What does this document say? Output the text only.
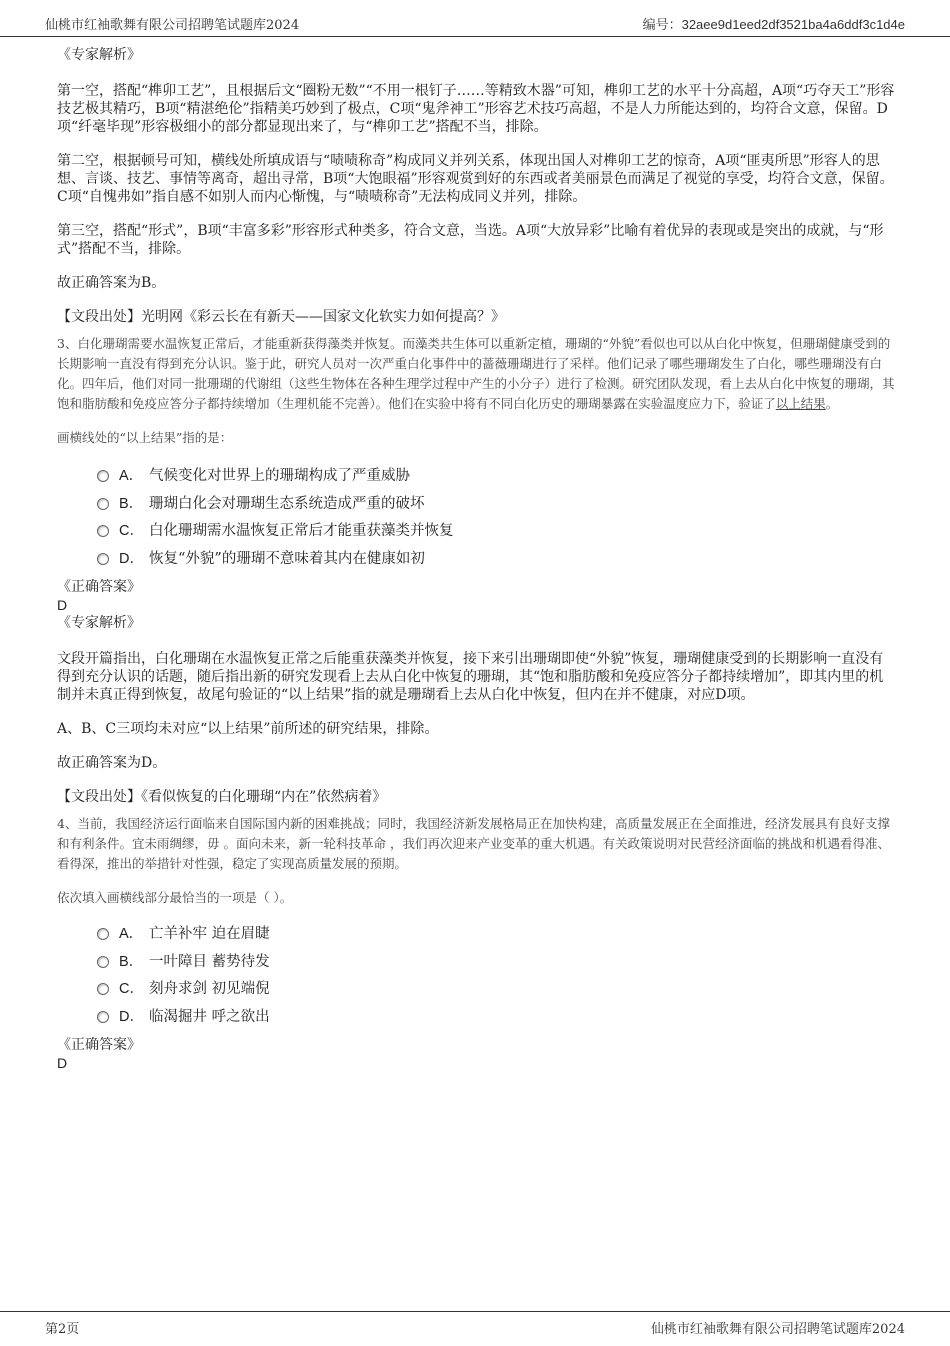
仙桃市红袖歌舞有限公司招聘笔试题库2024	编号：32aee9d1eed2df3521ba4a6ddf3c1d4e

《专家解析》

第一空，搭配“榫卯工艺”，且根据后文“圈粉无数”“不用一根钉子……等精致木器”可知，榫卯工艺的水平十分高超，A项“巧夺天工”形容技艺极其精巧，B项“精湛绝伦”指精美巧妙到了极点，C项“鬼斧神工”形容艺术技巧高超，不是人力所能达到的，均符合文意，保留。D项“纤毫毕现”形容极细小的部分都显现出来了，与“榫卯工艺”搭配不当，排除。

第二空，根据顿号可知，横线处所填成语与“啧啧称奇”构成同义并列关系，体现出国人对榫卯工艺的惊奇，A项“匪夷所思”形容人的思想、言谈、技艺、事情等离奇，超出寻常，B项“大饱眼福”形容观赏到好的东西或者美丽景色而满足了视觉的享受，均符合文意，保留。C项“自愧弗如”指自感不如别人而内心惭愧，与“啧啧称奇”无法构成同义并列，排除。

第三空，搭配“形式”，B项“丰富多彩”形容形式种类多，符合文意，当选。A项“大放异彩”比喻有着优异的表现或是突出的成就，与“形式”搭配不当，排除。

故正确答案为B。

【文段出处】光明网《彩云长在有新天——国家文化软实力如何提高？》

3、白化珊瑚需要水温恢复正常后，才能重新获得藻类并恢复。而藻类共生体可以重新定植，珊瑚的“外貌”看似也可以从白化中恢复，但珊瑚健康受到的长期影响一直没有得到充分认识。鉴于此，研究人员对一次严重白化事件中的蔷薇珊瑚进行了采样。他们记录了哪些珊瑚发生了白化，哪些珊瑚没有白化。四年后，他们对同一批珊瑚的代谢组（这些生物体在各种生理学过程中产生的小分子）进行了检测。研究团队发现，看上去从白化中恢复的珊瑚，其饱和脂肪酸和免疫应答分子都持续增加（生理机能不完善）。他们在实验中将有不同白化历史的珊瑚暴露在实验温度应力下，验证了以上结果。

画横线处的“以上结果”指的是：

A． 气候变化对世界上的珊瑚构成了严重威胁
B． 珊瑚白化会对珊瑚生态系统造成严重的破坏
C． 白化珊瑚需水温恢复正常后才能重获藻类并恢复
D． 恢复“外貌”的珊瑚不意味着其内在健康如初

《正确答案》

D

《专家解析》

文段开篇指出，白化珊瑚在水温恢复正常之后能重获藻类并恢复，接下来引出珊瑚即使“外貌”恢复，珊瑚健康受到的长期影响一直没有得到充分认识的话题，随后指出新的研究发现看上去从白化中恢复的珊瑚，其“饱和脂肪酸和免疫应答分子都持续增加”，即其内里的机制并未真正得到恢复，故尾句验证的“以上结果”指的就是珊瑚看上去从白化中恢复，但内在并不健康，对应D项。

A、B、C三项均未对应“以上结果”前所述的研究结果，排除。

故正确答案为D。

【文段出处】《看似恢复的白化珊瑚“内在”依然病着》

4、当前，我国经济运行面临来自国际国内新的困难挑战；同时，我国经济新发展格局正在加快构建，高质量发展正在全面推进，经济发展具有良好支撑和有利条件。宜未雨绸缪，毋 。面向未来，新一轮科技革命 ，我们再次迎来产业变革的重大机遇。有关政策说明对民营经济面临的挑战和机遇看得准、看得深，推出的举措针对性强，稳定了实现高质量发展的预期。

依次填入画横线部分最恰当的一项是（ ）。

A． 亡羊补牢 迫在眉睫
B． 一叶障目 蓄势待发
C． 刻舟求剑 初见端倪
D． 临渴掘井 呼之欲出

《正确答案》

D

第2页	仙桃市红袖歌舞有限公司招聘笔试题库2024
